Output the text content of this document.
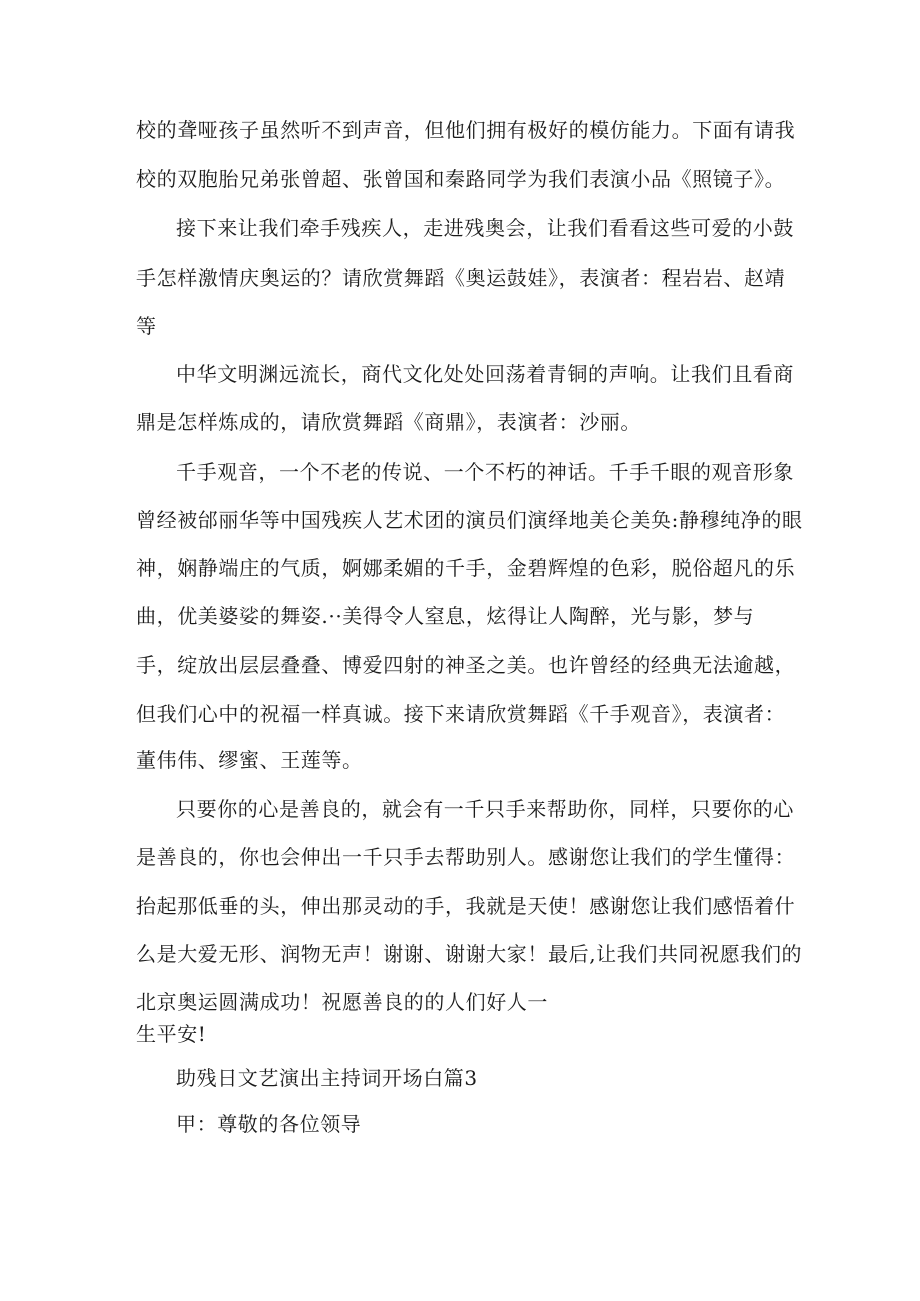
校的聋哑孩子虽然听不到声音，但他们拥有极好的模仿能力。下面有请我
校的双胞胎兄弟张曾超、张曾国和秦路同学为我们表演小品《照镜子》。
接下来让我们牵手残疾人，走进残奥会，让我们看看这些可爱的小鼓
手怎样激情庆奥运的？请欣赏舞蹈《奥运鼓娃》，表演者：程岩岩、赵靖
等
中华文明渊远流长，商代文化处处回荡着青铜的声响。让我们且看商
鼎是怎样炼成的，请欣赏舞蹈《商鼎》，表演者：沙丽。
千手观音，一个不老的传说、一个不朽的神话。千手千眼的观音形象
曾经被邰丽华等中国残疾人艺术团的演员们演绎地美仑美奂:静穆纯净的眼
神，娴静端庄的气质，婀娜柔媚的千手，金碧辉煌的色彩，脱俗超凡的乐
曲，优美婆娑的舞姿.··美得令人窒息，炫得让人陶醉，光与影，梦与
手，绽放出层层叠叠、博爱四射的神圣之美。也许曾经的经典无法逾越，
但我们心中的祝福一样真诚。接下来请欣赏舞蹈《千手观音》，表演者：
董伟伟、缪蜜、王莲等。
只要你的心是善良的，就会有一千只手来帮助你，同样，只要你的心
是善良的，你也会伸出一千只手去帮助别人。感谢您让我们的学生懂得：
抬起那低垂的头，伸出那灵动的手，我就是天使！感谢您让我们感悟着什
么是大爱无形、润物无声！谢谢、谢谢大家！最后,让我们共同祝愿我们的
北京奥运圆满成功！祝愿善良的的人们好人一
生平安!
助残日文艺演出主持词开场白篇3
甲：尊敬的各位领导
